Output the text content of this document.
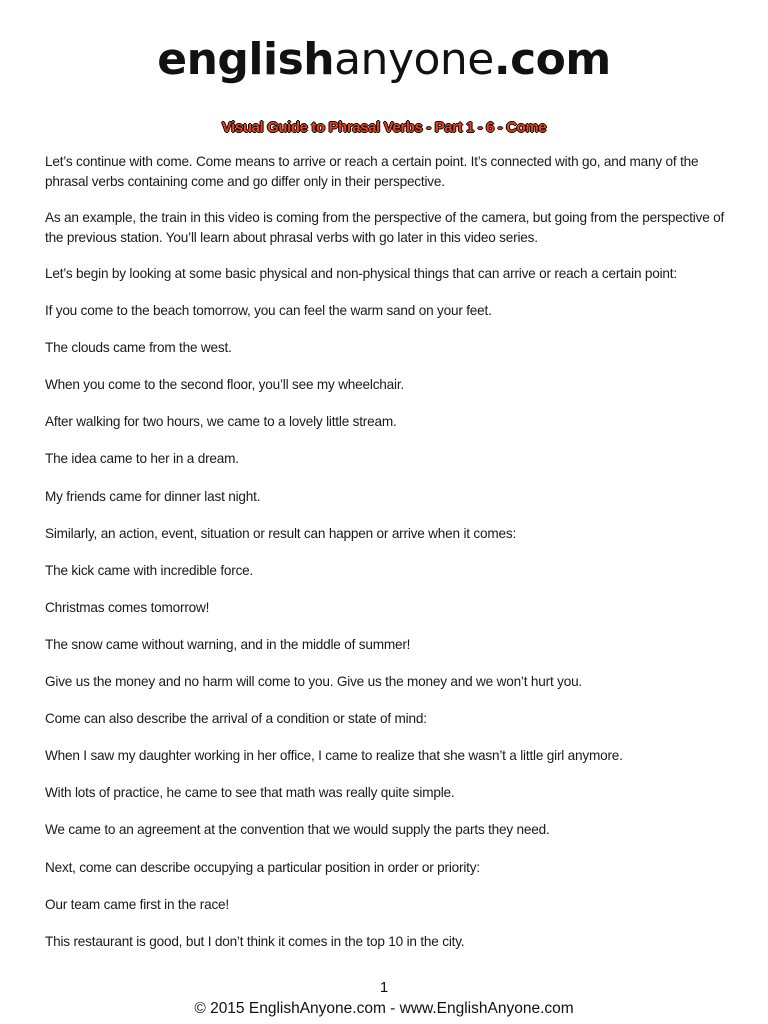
englishanyone.com
Visual Guide to Phrasal Verbs - Part 1 - 6 - Come

Let’s continue with come. Come means to arrive or reach a certain point. It’s connected with go, and many of the phrasal verbs containing come and go differ only in their perspective.

As an example, the train in this video is coming from the perspective of the camera, but going from the perspective of the previous station. You’ll learn about phrasal verbs with go later in this video series.

Let’s begin by looking at some basic physical and non-physical things that can arrive or reach a certain point:

If you come to the beach tomorrow, you can feel the warm sand on your feet.

The clouds came from the west.

When you come to the second floor, you’ll see my wheelchair.

After walking for two hours, we came to a lovely little stream.

The idea came to her in a dream.

My friends came for dinner last night.

Similarly, an action, event, situation or result can happen or arrive when it comes:

The kick came with incredible force.

Christmas comes tomorrow!

The snow came without warning, and in the middle of summer!

Give us the money and no harm will come to you. Give us the money and we won’t hurt you.

Come can also describe the arrival of a condition or state of mind:

When I saw my daughter working in her office, I came to realize that she wasn’t a little girl anymore.

With lots of practice, he came to see that math was really quite simple.

We came to an agreement at the convention that we would supply the parts they need.

Next, come can describe occupying a particular position in order or priority:

Our team came first in the race!

This restaurant is good, but I don’t think it comes in the top 10 in the city.

1
© 2015 EnglishAnyone.com - www.EnglishAnyone.com
